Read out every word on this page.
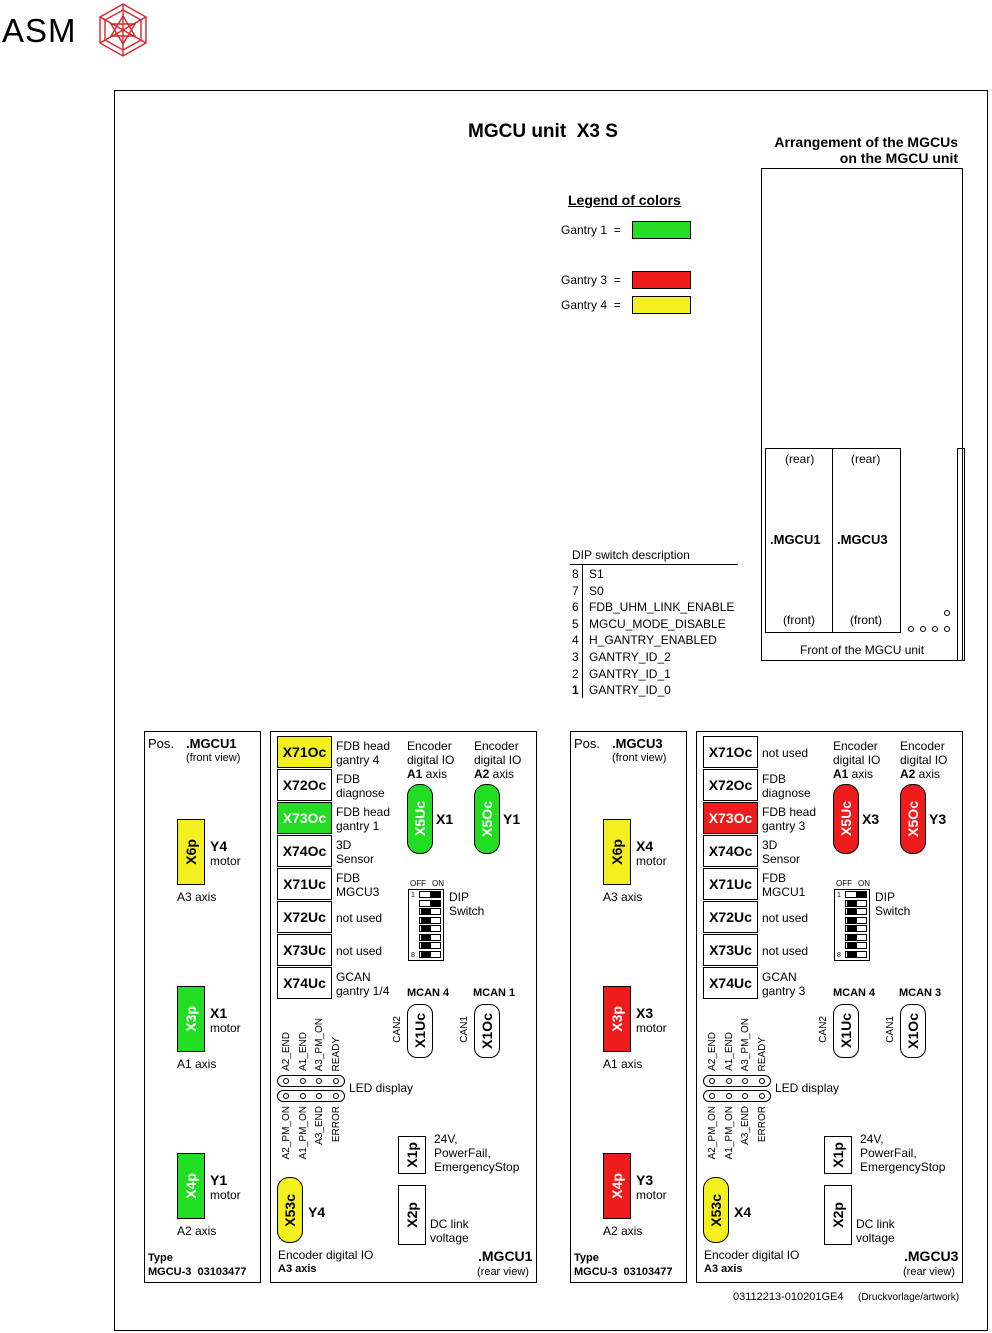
ASM
MGCU unit  X3 S	Arrangement of the MGCUs
on the MGCU unit
(rear)	(rear)
.MGCU1 .MGCU3
(front)	(front)
Front of the MGCU unit
Legend of colors
Gantry 1  =
Gantry 3  =
Gantry 4  =
DIP switch description
8 S1
7 S0
6 FDB_UHM_LINK_ENABLE
5 MGCU_MODE_DISABLE
4 H_GANTRY_ENABLED
3 GANTRY_ID_2
2 GANTRY_ID_1
1 GANTRY_ID_0
Pos. .MGCU1
(front view)
X6p Y4
motor
A3 axis
X3p X1
motor
A1 axis
X4p Y1
motor
A2 axis
Type
MGCU-3  03103477
X71Oc FDB head
gantry 4
X72Oc FDB
diagnose
X73Oc FDB head
gantry 1
X74Oc 3D
Sensor
X71Uc FDB
MGCU3
X72Uc not used
X73Uc not used
X74Uc GCAN
gantry 1/4
Encoder
digital IO
A1 axis
X5Uc X1
Encoder
digital IO
A2 axis
X5Oc Y1
OFF ON
1
8
DIP
Switch
MCAN 4 MCAN 1
CAN2	CAN1
X1Uc	X1Oc
A2_END A1_END A3_PM_ON READY
LED display
A2_PM_ON A1_PM_ON A3_END ERROR
X1p
24V,
PowerFail,
EmergencyStop
X2p DC link
voltage
X53c Y4
Encoder digital IO
A3 axis
.MGCU1
(rear view)
Pos. .MGCU3
(front view)
X6p X4
motor
A3 axis
X3p X3
motor
A1 axis
X4p Y3
motor
A2 axis
Type
MGCU-3  03103477
X71Oc not used
X72Oc FDB
diagnose
X73Oc FDB head
gantry 3
X74Oc 3D
Sensor
X71Uc FDB
MGCU1
X72Uc not used
X73Uc not used
X74Uc GCAN
gantry 3
Encoder
digital IO
A1 axis
X5Uc X3
Encoder
digital IO
A2 axis
X5Oc Y3
OFF ON
1
8
DIP
Switch
MCAN 4 MCAN 3
CAN2	CAN1
X1Uc	X1Oc
A2_END A1_END A3_PM_ON READY
LED display
A2_PM_ON A1_PM_ON A3_END ERROR
X1p
24V,
PowerFail,
EmergencyStop
X2p DC link
voltage
X53c X4
Encoder digital IO
A3 axis
.MGCU3
(rear view)
03112213-010201GE4 (Druckvorlage/artwork)
